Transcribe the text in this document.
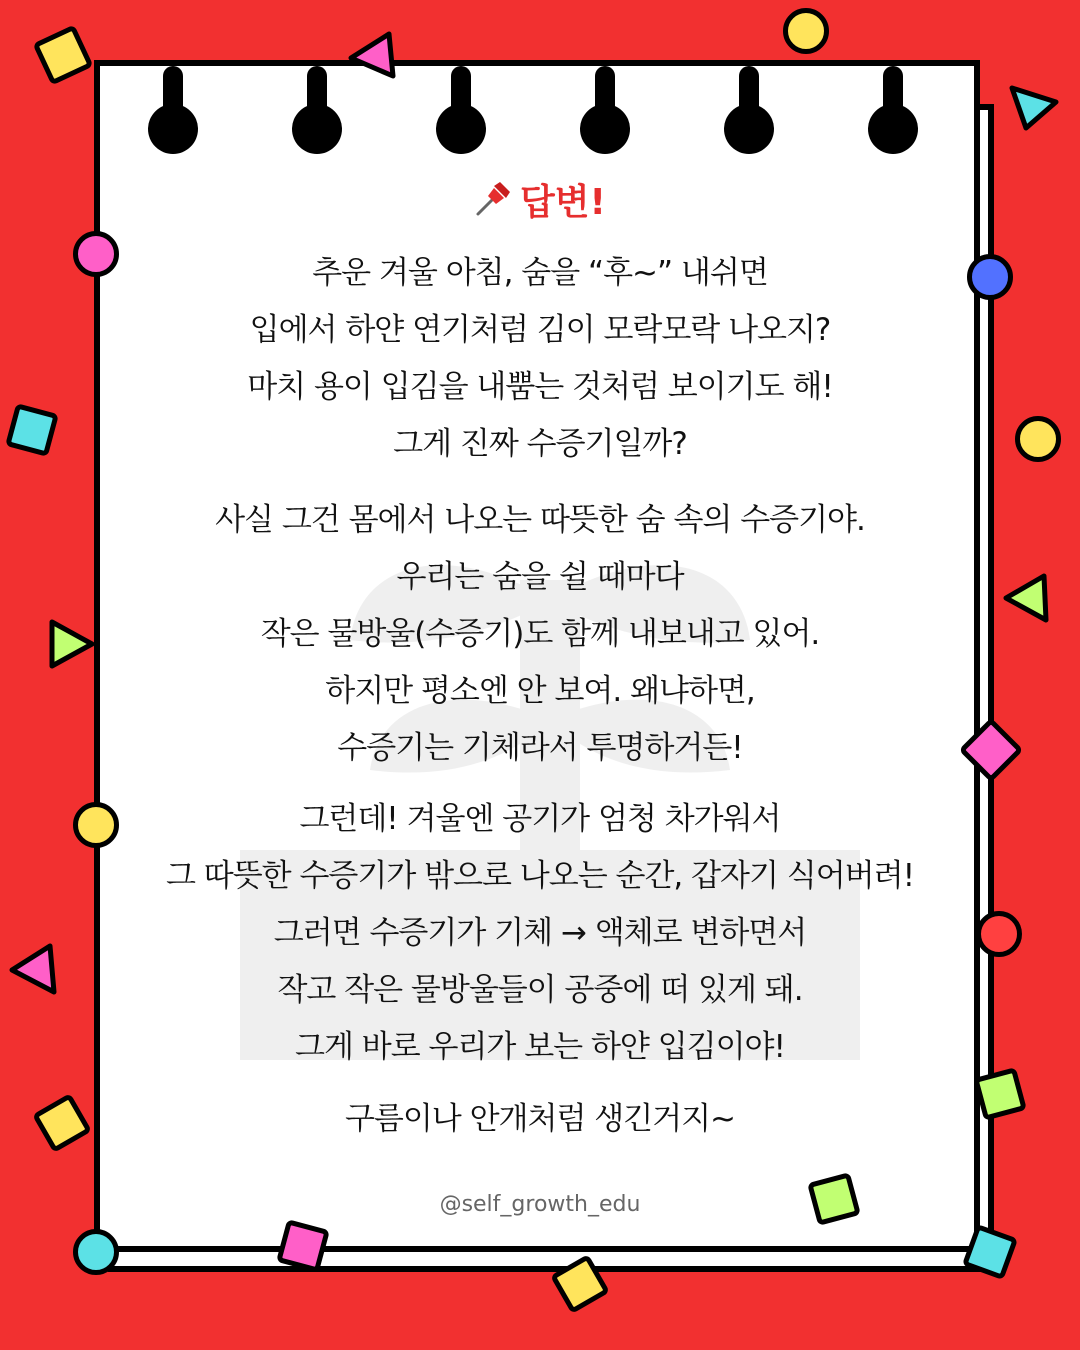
답변!
추운 겨울 아침, 숨을 “후~” 내쉬면
입에서 하얀 연기처럼 김이 모락모락 나오지?
마치 용이 입김을 내뿜는 것처럼 보이기도 해!
그게 진짜 수증기일까?
사실 그건 몸에서 나오는 따뜻한 숨 속의 수증기야.
우리는 숨을 쉴 때마다
작은 물방울(수증기)도 함께 내보내고 있어.
하지만 평소엔 안 보여. 왜냐하면,
수증기는 기체라서 투명하거든!
그런데! 겨울엔 공기가 엄청 차가워서
그 따뜻한 수증기가 밖으로 나오는 순간, 갑자기 식어버려!
그러면 수증기가 기체 → 액체로 변하면서
작고 작은 물방울들이 공중에 떠 있게 돼.
그게 바로 우리가 보는 하얀 입김이야!
구름이나 안개처럼 생긴거지~
@self_growth_edu
